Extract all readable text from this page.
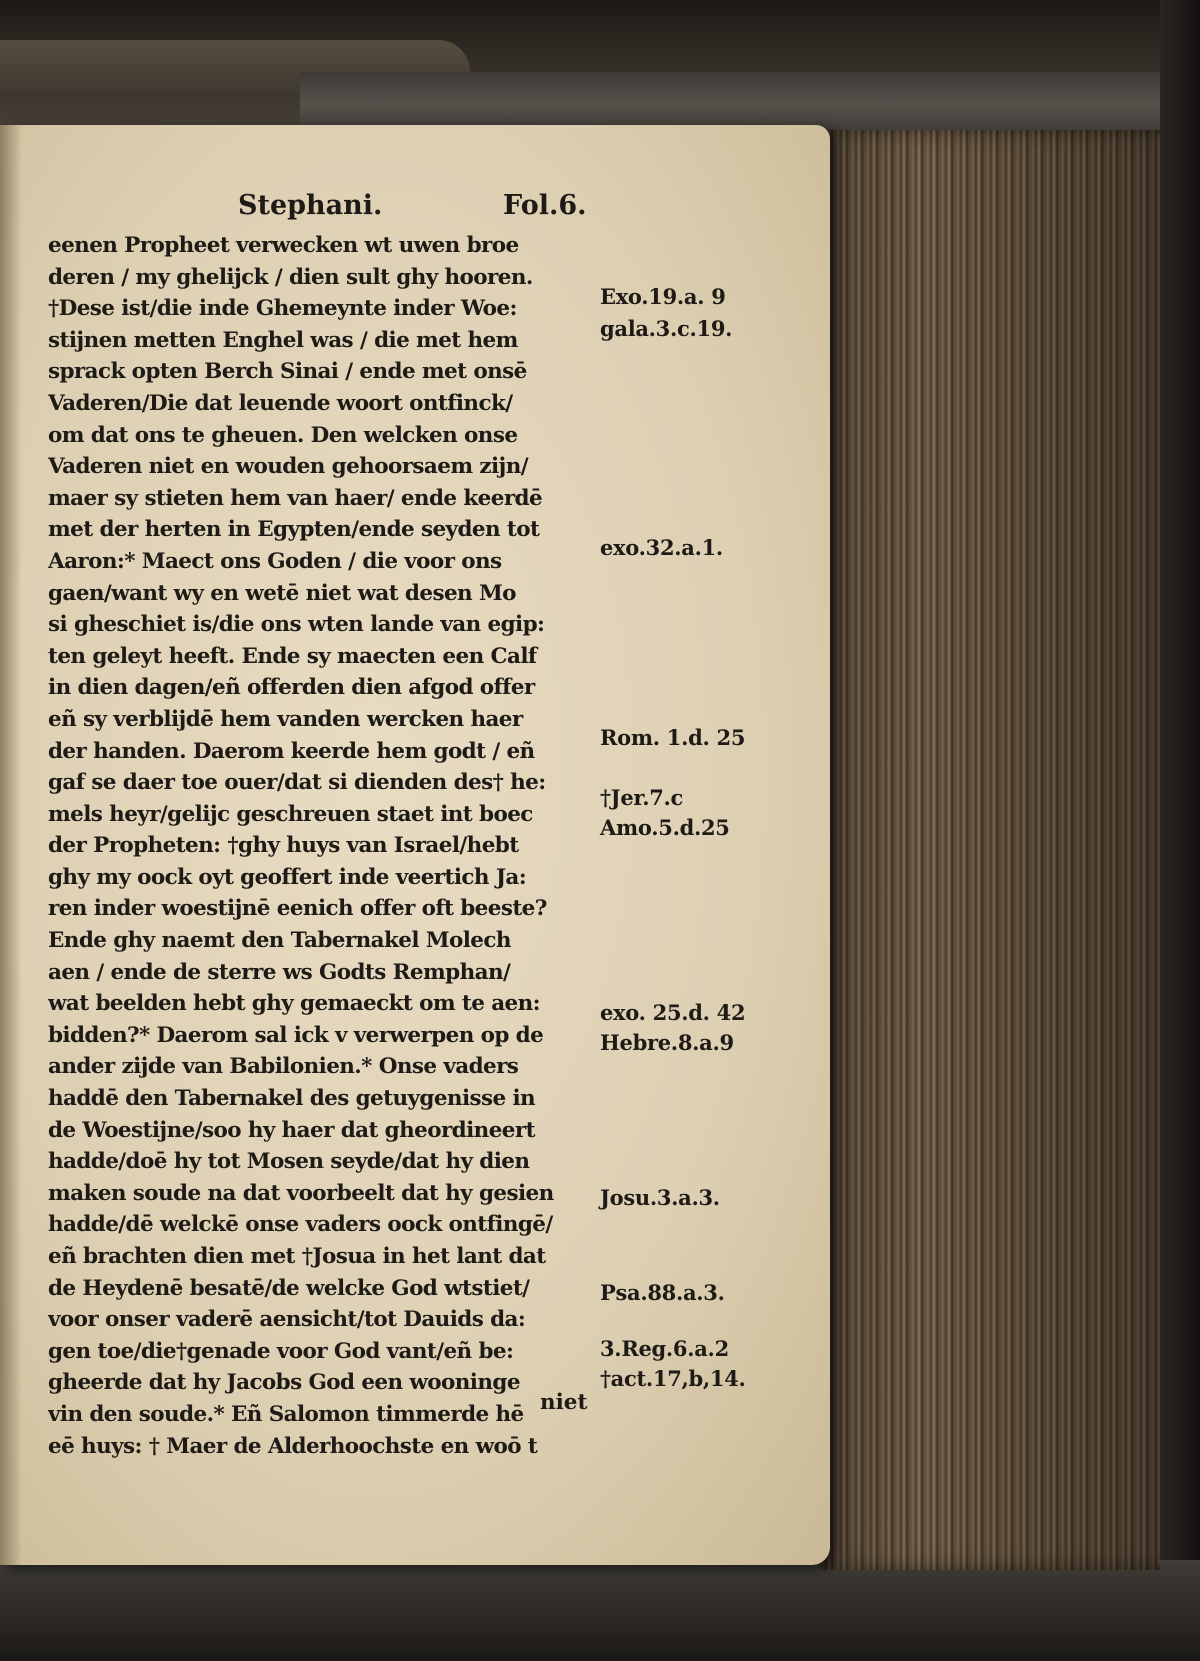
Stephani.	Fol.6.
eenen Prophеet verwecken wt uwen broe
deren / my ghelijck / dien sult ghy hooren.
†Dese ist/die inde Ghemeynte inder Woe:
stijnen metten Enghel was / die met hem
sprack opten Berch Sinai / ende met onsē
Vaderen/Die dat leuende woort ontfinck/
om dat ons te gheuen. Den welcken onse
Vaderen niet en wouden gehoorsaem zijn/
maer sy stieten hem van haer/ ende keerdē
met der herten in Egypten/ende seyden tot
Aaron:* Maect ons Goden / die voor ons
gaen/want wy en wetē niet wat desen Mo
si gheschiet is/die ons wten lande van egip:
ten geleyt heeft. Ende sy maecten een Calf
in dien dagen/eñ offerden dien afgod offer
eñ sy verblijdē hem vanden wercken haer
der handen. Daerom keerde hem godt / eñ
gaf se daer toe ouer/dat si dienden des† he:
mels heyr/gelijc geschreuen staet int boec
der Propheten: †ghy huys van Israel/hebt
ghy my oock oyt geoffert inde veertich Ja:
ren inder woestijnē eenich offer oft beeste?
Ende ghy naemt den Tabernakel Molech
aen / ende de sterre ws Godts Remphan/
wat beelden hebt ghy gemaeckt om te aen:
bidden?* Daerom sal ick v verwerpen op de
ander zijde van Babilonien.* Onse vaders
haddē den Tabernakel des getuygenisse in
de Woestijne/soo hy haer dat gheordineert
hadde/doē hy tot Mosen seyde/dat hy dien
maken soude na dat voorbeelt dat hy gesien
hadde/dē welckē onse vaders oock ontfingē/
eñ brachten dien met †Josua in het lant dat
de Heydenē besatē/de welcke God wtstiet/
voor onser vaderē aensicht/tot Dauids da:
gen toe/die†genade voor God vant/eñ be:
gheerde dat hy Jacobs God een wooninge
vin den soude.* Eñ Salomon timmerde hē
eē huys: † Maer de Alderhoochste en woō t
niet
Exo.19.a. 9
gala.3.c.19.
exo.32.a.1.
Rom. 1.d. 25
†Jer.7.c
Amo.5.d.25
exo. 25.d. 42
Hebre.8.a.9
Josu.3.a.3.
Psa.88.a.3.
3.Reg.6.a.2
†act.17,b,14.
